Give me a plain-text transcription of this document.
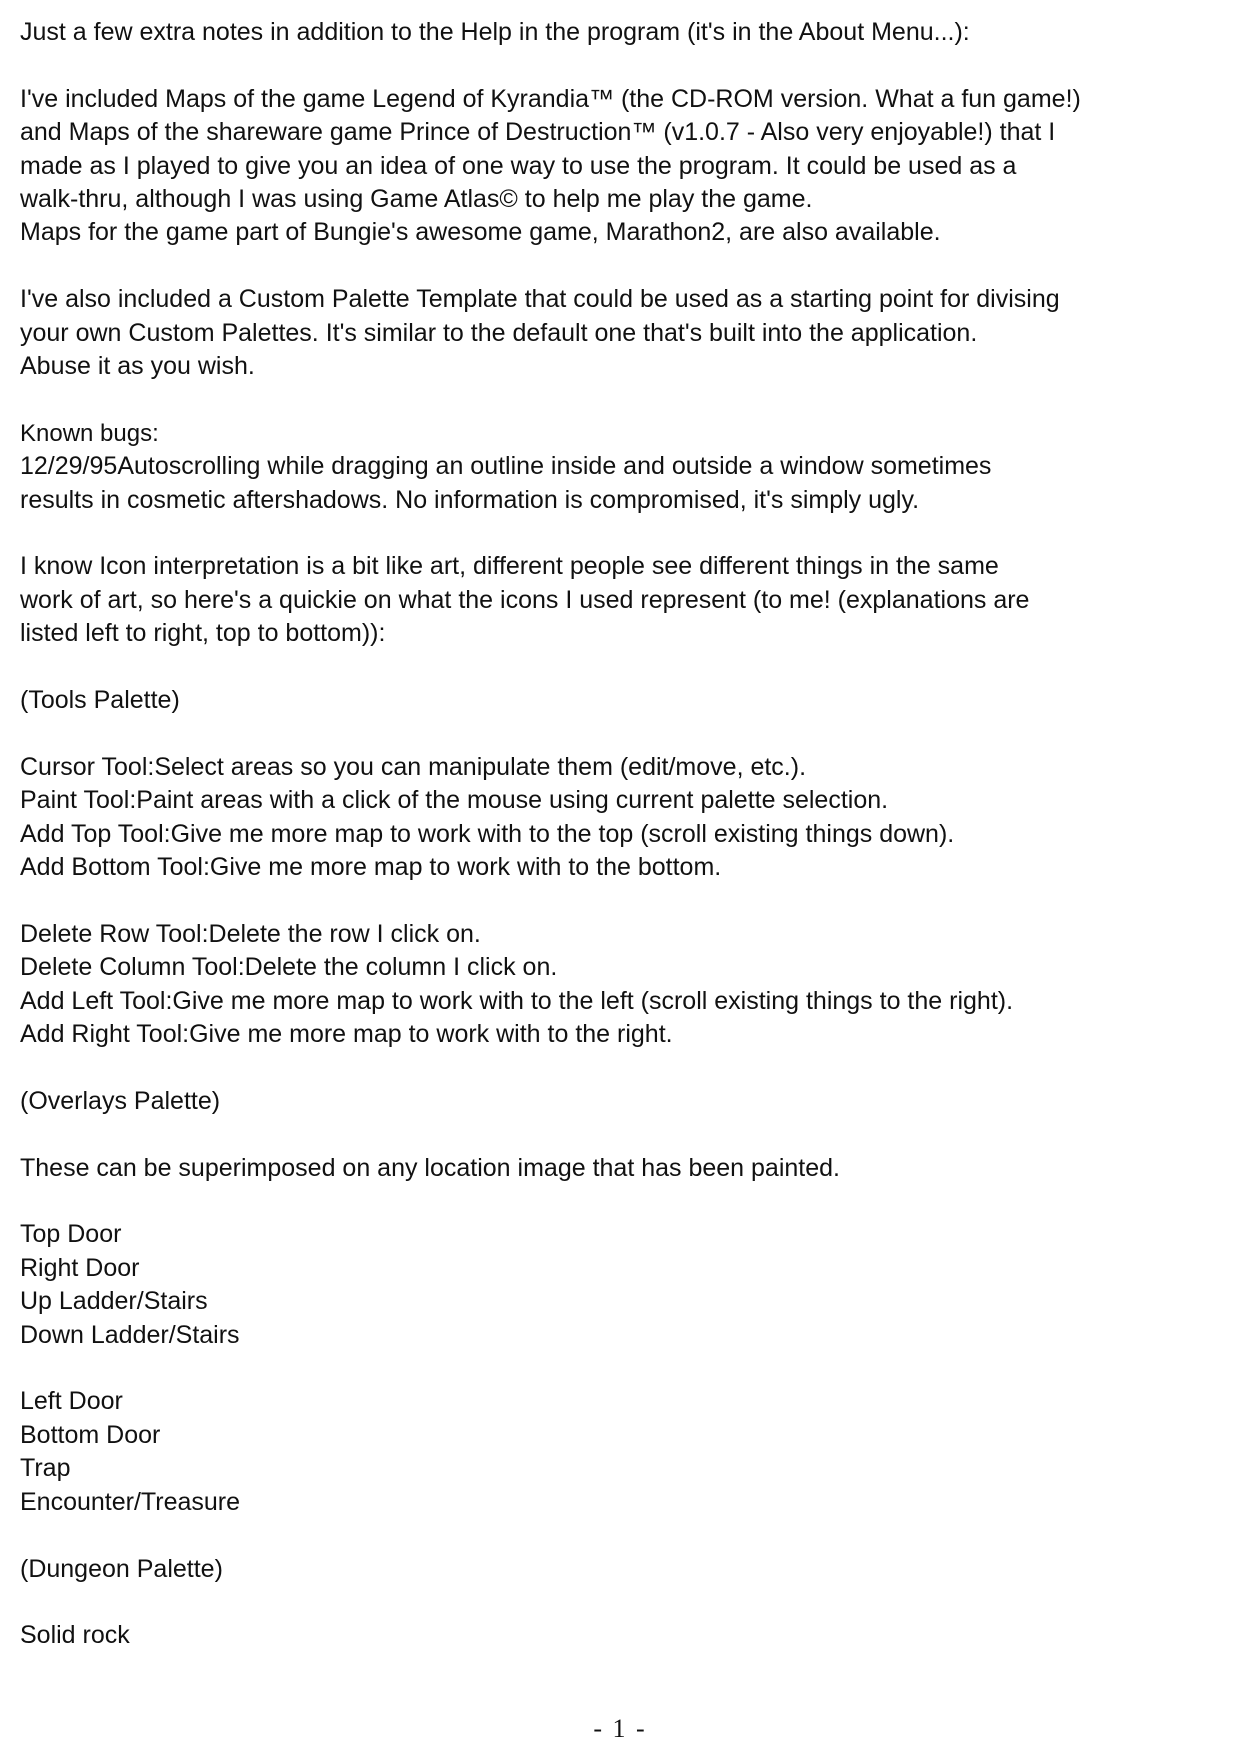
Just a few extra notes in addition to the Help in the program (it's in the About Menu...):

I've included Maps of the game Legend of Kyrandia™ (the CD-ROM version. What a fun game!)
and Maps of the shareware game Prince of Destruction™ (v1.0.7 - Also very enjoyable!) that I
made as I played to give you an idea of one way to use the program. It could be used as a
walk-thru, although I was using Game Atlas© to help me play the game.
Maps for the game part of Bungie's awesome game, Marathon2, are also available.

I've also included a Custom Palette Template that could be used as a starting point for divising
your own Custom Palettes. It's similar to the default one that's built into the application.
Abuse it as you wish.

Known bugs:
12/29/95Autoscrolling while dragging an outline inside and outside a window sometimes
results in cosmetic aftershadows. No information is compromised, it's simply ugly.

I know Icon interpretation is a bit like art, different people see different things in the same
work of art, so here's a quickie on what the icons I used represent (to me! (explanations are
listed left to right, top to bottom)):

(Tools Palette)

Cursor Tool:Select areas so you can manipulate them (edit/move, etc.).
Paint Tool:Paint areas with a click of the mouse using current palette selection.
Add Top Tool:Give me more map to work with to the top (scroll existing things down).
Add Bottom Tool:Give me more map to work with to the bottom.

Delete Row Tool:Delete the row I click on.
Delete Column Tool:Delete the column I click on.
Add Left Tool:Give me more map to work with to the left (scroll existing things to the right).
Add Right Tool:Give me more map to work with to the right.

(Overlays Palette)

These can be superimposed on any location image that has been painted.

Top Door
Right Door
Up Ladder/Stairs
Down Ladder/Stairs

Left Door
Bottom Door
Trap
Encounter/Treasure

(Dungeon Palette)

Solid rock

- 1 -
